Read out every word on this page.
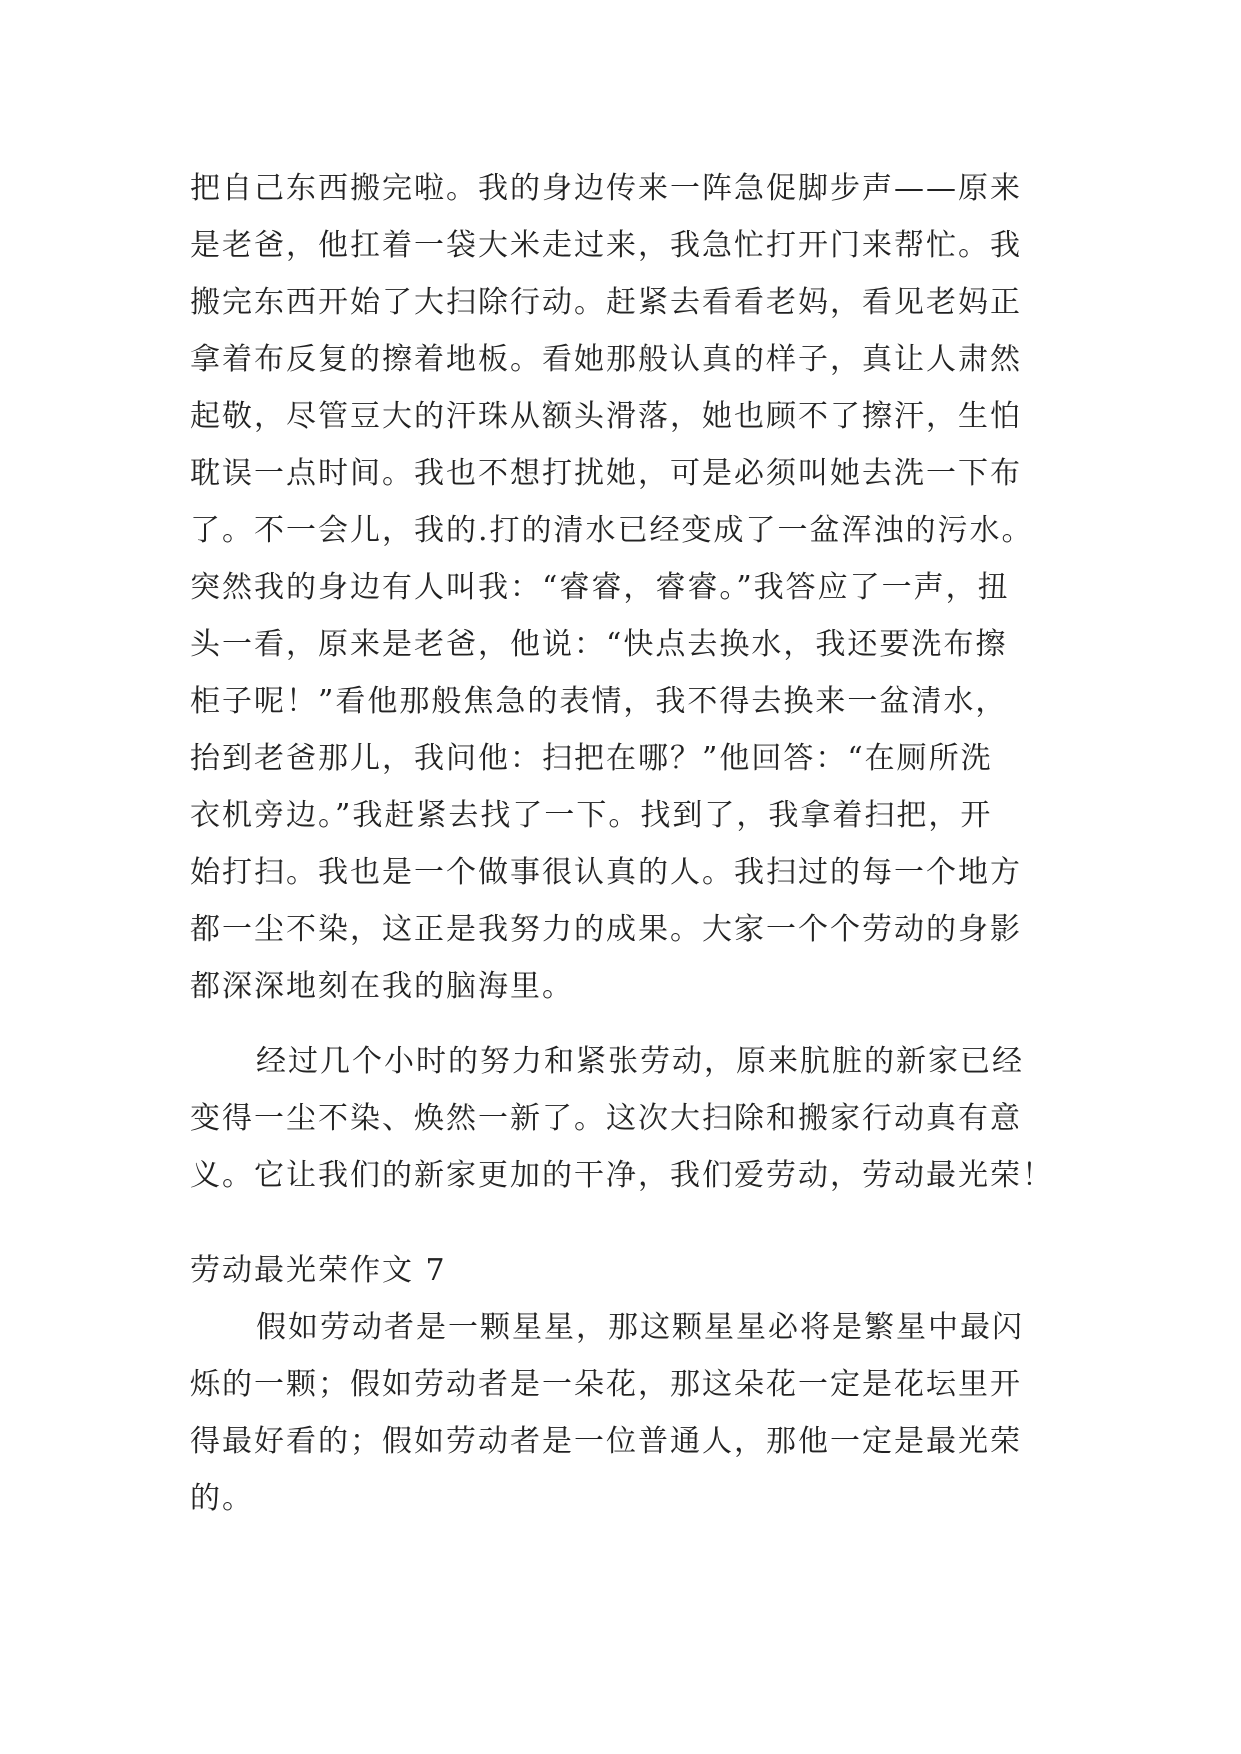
把自己东西搬完啦。我的身边传来一阵急促脚步声——原来
是老爸，他扛着一袋大米走过来，我急忙打开门来帮忙。我
搬完东西开始了大扫除行动。赶紧去看看老妈，看见老妈正
拿着布反复的擦着地板。看她那般认真的样子，真让人肃然
起敬，尽管豆大的汗珠从额头滑落，她也顾不了擦汗，生怕
耽误一点时间。我也不想打扰她，可是必须叫她去洗一下布
了。不一会儿，我的.打的清水已经变成了一盆浑浊的污水。
突然我的身边有人叫我：“睿睿，睿睿。”我答应了一声，扭
头一看，原来是老爸，他说：“快点去换水，我还要洗布擦
柜子呢！”看他那般焦急的表情，我不得去换来一盆清水，
抬到老爸那儿，我问他：扫把在哪？”他回答：“在厕所洗
衣机旁边。”我赶紧去找了一下。找到了，我拿着扫把，开
始打扫。我也是一个做事很认真的人。我扫过的每一个地方
都一尘不染，这正是我努力的成果。大家一个个劳动的身影
都深深地刻在我的脑海里。
经过几个小时的努力和紧张劳动，原来肮脏的新家已经
变得一尘不染、焕然一新了。这次大扫除和搬家行动真有意
义。它让我们的新家更加的干净，我们爱劳动，劳动最光荣！
劳动最光荣作文 7
假如劳动者是一颗星星，那这颗星星必将是繁星中最闪
烁的一颗；假如劳动者是一朵花，那这朵花一定是花坛里开
得最好看的；假如劳动者是一位普通人，那他一定是最光荣
的。
